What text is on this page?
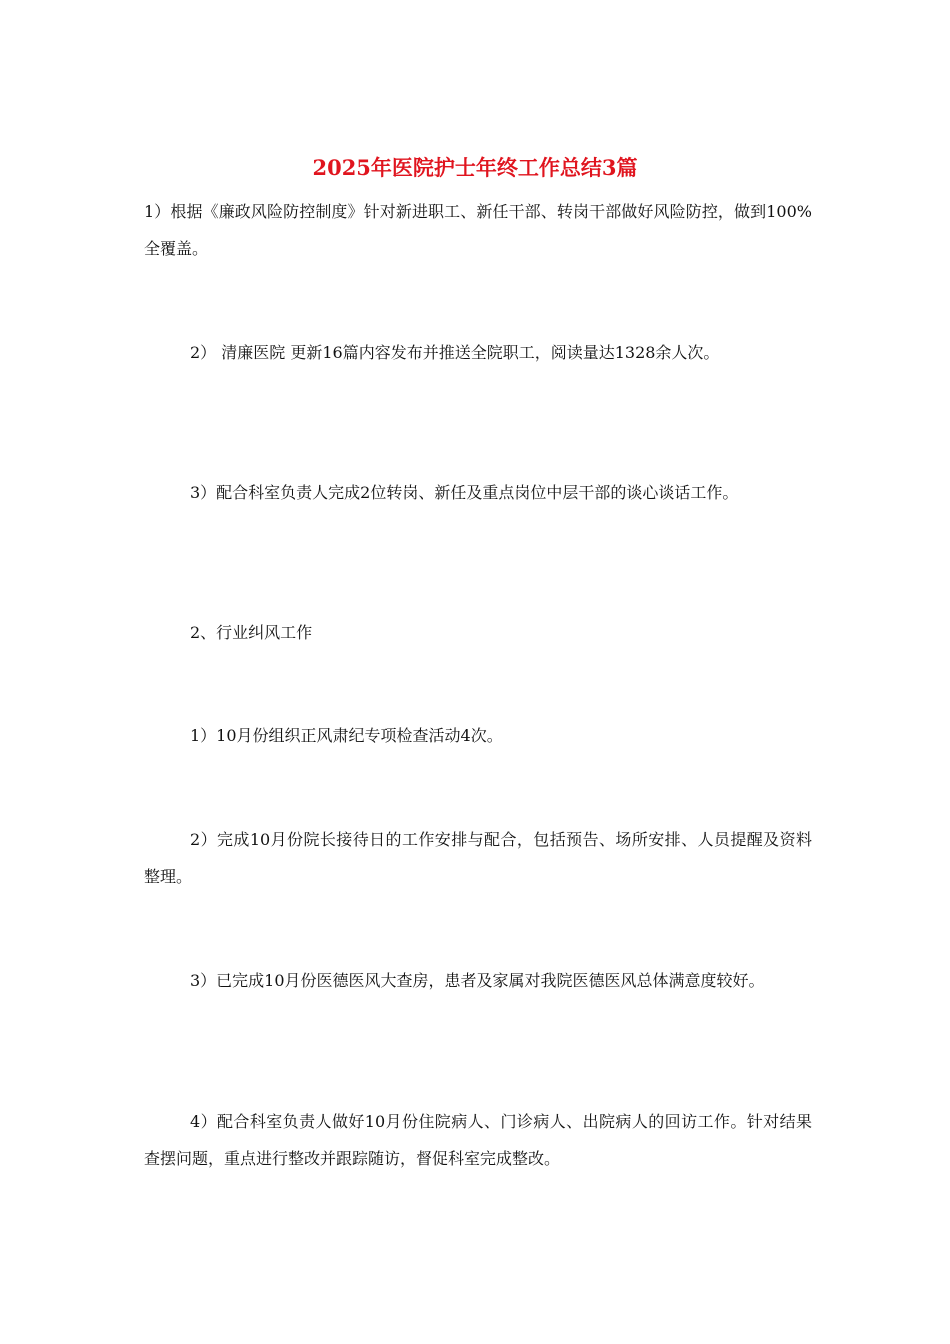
2025年医院护士年终工作总结3篇

1）根据《廉政风险防控制度》针对新进职工、新任干部、转岗干部做好风险防控，做到100%全覆盖。

2） 清廉医院 更新16篇内容发布并推送全院职工，阅读量达1328余人次。

3）配合科室负责人完成2位转岗、新任及重点岗位中层干部的谈心谈话工作。

2、行业纠风工作

1）10月份组织正风肃纪专项检查活动4次。

2）完成10月份院长接待日的工作安排与配合，包括预告、场所安排、人员提醒及资料整理。

3）已完成10月份医德医风大查房，患者及家属对我院医德医风总体满意度较好。

4）配合科室负责人做好10月份住院病人、门诊病人、出院病人的回访工作。针对结果查摆问题，重点进行整改并跟踪随访，督促科室完成整改。
